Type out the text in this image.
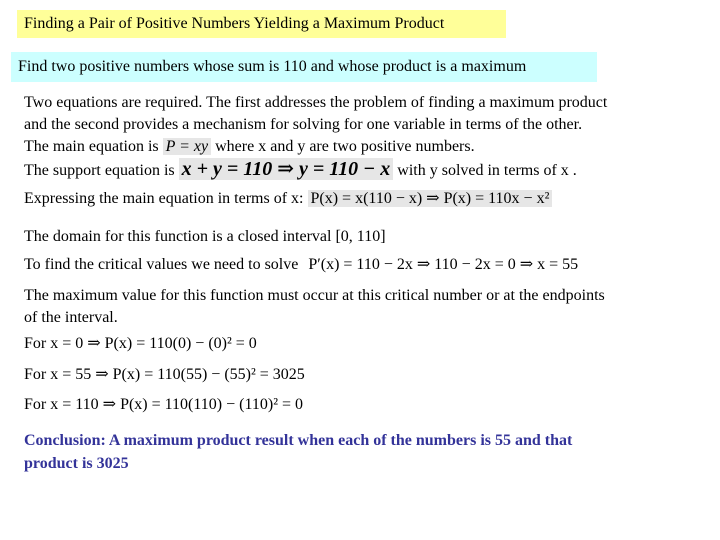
Finding a Pair of Positive Numbers Yielding a Maximum Product
Find two positive numbers whose sum is 110 and whose product is a maximum
Two equations are required. The first addresses the problem of finding a maximum product
and the second provides a mechanism for solving for one variable in terms of the other.
The main equation is P = xy where x and y are two positive numbers.
The support equation is x + y = 110 ⇒ y = 110 − x with y solved in terms of x .
Expressing the main equation in terms of x: P(x) = x(110 − x) ⇒ P(x) = 110x − x²
The domain for this function is a closed interval [0, 110]
To find the critical values we need to solve P′(x) = 110 − 2x ⇒ 110 − 2x = 0 ⇒ x = 55
The maximum value for this function must occur at this critical number or at the endpoints
of the interval.
For x = 0 ⇒ P(x) = 110(0) − (0)² = 0
For x = 55 ⇒ P(x) = 110(55) − (55)² = 3025
For x = 110 ⇒ P(x) = 110(110) − (110)² = 0
Conclusion: A maximum product result when each of the numbers is 55 and that
product is 3025
